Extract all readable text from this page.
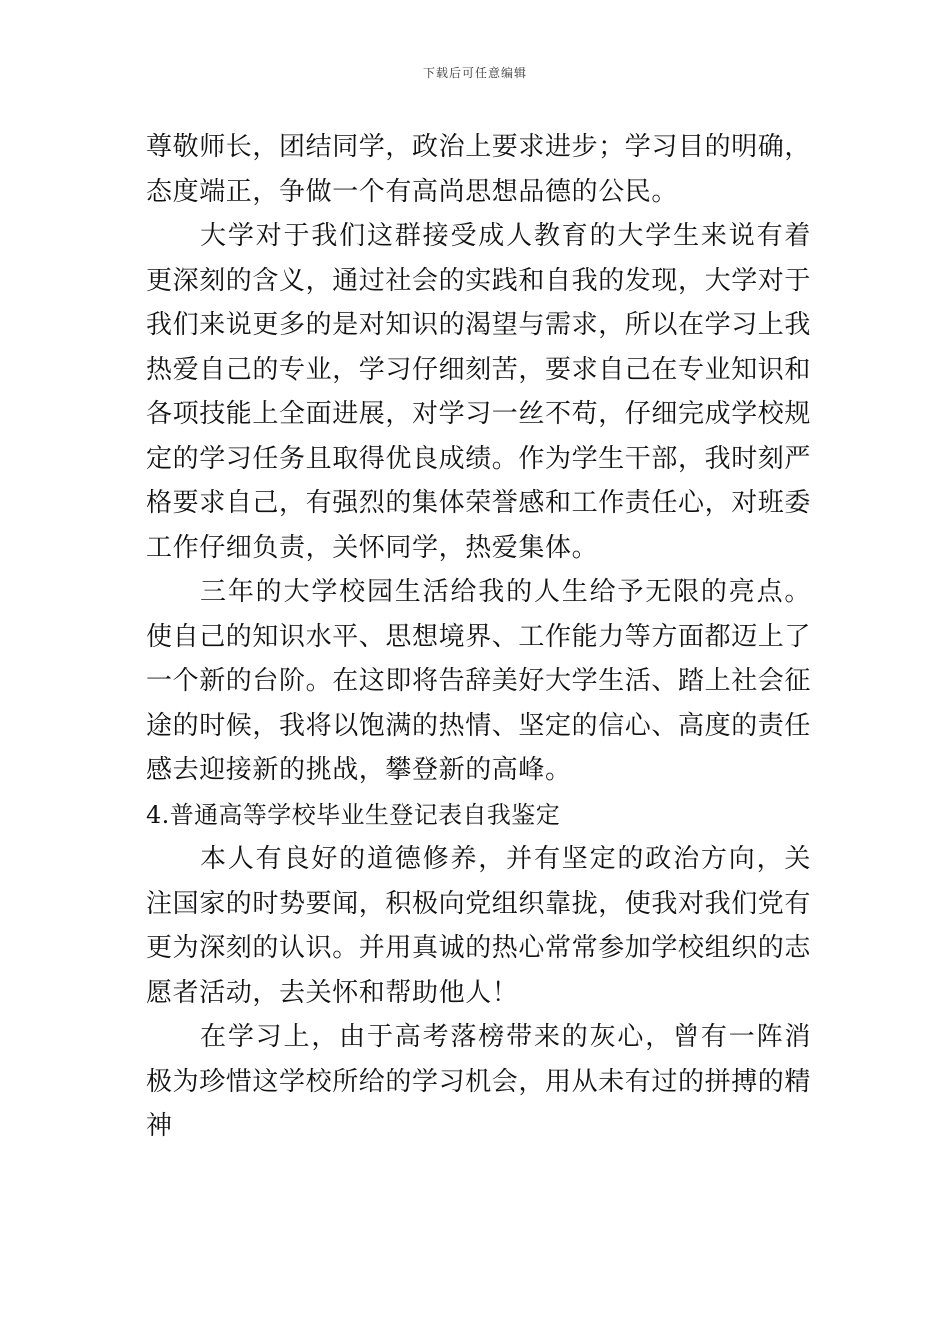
下载后可任意编辑

尊敬师长，团结同学，政治上要求进步；学习目的明确，态度端正，争做一个有高尚思想品德的公民。

大学对于我们这群接受成人教育的大学生来说有着更深刻的含义，通过社会的实践和自我的发现，大学对于我们来说更多的是对知识的渴望与需求，所以在学习上我热爱自己的专业，学习仔细刻苦，要求自己在专业知识和各项技能上全面进展，对学习一丝不苟，仔细完成学校规定的学习任务且取得优良成绩。作为学生干部，我时刻严格要求自己，有强烈的集体荣誉感和工作责任心，对班委工作仔细负责，关怀同学，热爱集体。

三年的大学校园生活给我的人生给予无限的亮点。使自己的知识水平、思想境界、工作能力等方面都迈上了一个新的台阶。在这即将告辞美好大学生活、踏上社会征途的时候，我将以饱满的热情、坚定的信心、高度的责任感去迎接新的挑战，攀登新的高峰。

4.普通高等学校毕业生登记表自我鉴定

本人有良好的道德修养，并有坚定的政治方向，关注国家的时势要闻，积极向党组织靠拢，使我对我们党有更为深刻的认识。并用真诚的热心常常参加学校组织的志愿者活动，去关怀和帮助他人！

在学习上，由于高考落榜带来的灰心，曾有一阵消极为珍惜这学校所给的学习机会，用从未有过的拼搏的精神
